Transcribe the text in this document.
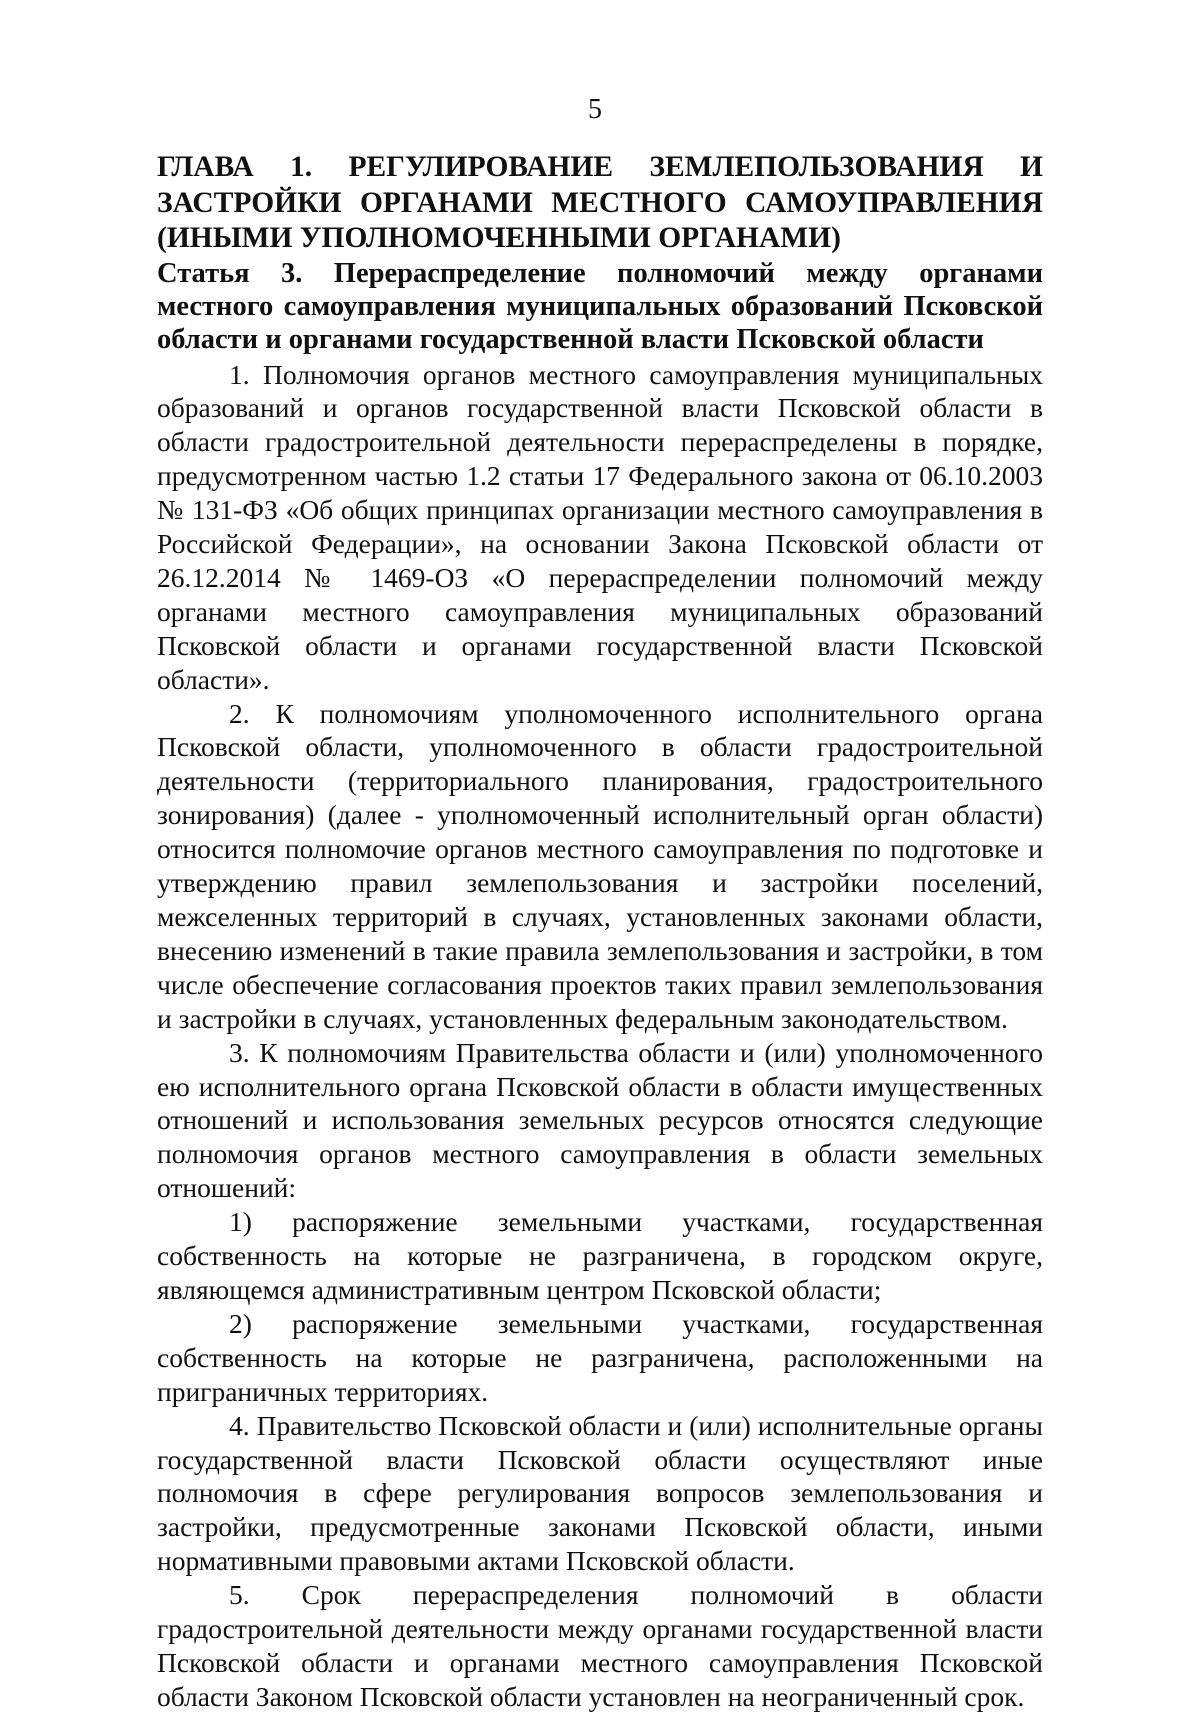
5
ГЛАВА 1. РЕГУЛИРОВАНИЕ ЗЕМЛЕПОЛЬЗОВАНИЯ И ЗАСТРОЙКИ ОРГАНАМИ МЕСТНОГО САМОУПРАВЛЕНИЯ (ИНЫМИ УПОЛНОМОЧЕННЫМИ ОРГАНАМИ)
Статья 3. Перераспределение полномочий между органами местного самоуправления муниципальных образований Псковской области и органами государственной власти Псковской области

1. Полномочия органов местного самоуправления муниципальных образований и органов государственной власти Псковской области в области градостроительной деятельности перераспределены в порядке, предусмотренном частью 1.2 статьи 17 Федерального закона от 06.10.2003 № 131-ФЗ «Об общих принципах организации местного самоуправления в Российской Федерации», на основании Закона Псковской области от 26.12.2014 № 1469-ОЗ «О перераспределении полномочий между органами местного самоуправления муниципальных образований Псковской области и органами государственной власти Псковской области».

2. К полномочиям уполномоченного исполнительного органа Псковской области, уполномоченного в области градостроительной деятельности (территориального планирования, градостроительного зонирования) (далее - уполномоченный исполнительный орган области) относится полномочие органов местного самоуправления по подготовке и утверждению правил землепользования и застройки поселений, межселенных территорий в случаях, установленных законами области, внесению изменений в такие правила землепользования и застройки, в том числе обеспечение согласования проектов таких правил землепользования и застройки в случаях, установленных федеральным законодательством.

3. К полномочиям Правительства области и (или) уполномоченного ею исполнительного органа Псковской области в области имущественных отношений и использования земельных ресурсов относятся следующие полномочия органов местного самоуправления в области земельных отношений:

1) распоряжение земельными участками, государственная собственность на которые не разграничена, в городском округе, являющемся административным центром Псковской области;

2) распоряжение земельными участками, государственная собственность на которые не разграничена, расположенными на приграничных территориях.

4. Правительство Псковской области и (или) исполнительные органы государственной власти Псковской области осуществляют иные полномочия в сфере регулирования вопросов землепользования и застройки, предусмотренные законами Псковской области, иными нормативными правовыми актами Псковской области.

5. Срок перераспределения полномочий в области градостроительной деятельности между органами государственной власти Псковской области и органами местного самоуправления Псковской области Законом Псковской области установлен на неограниченный срок.
